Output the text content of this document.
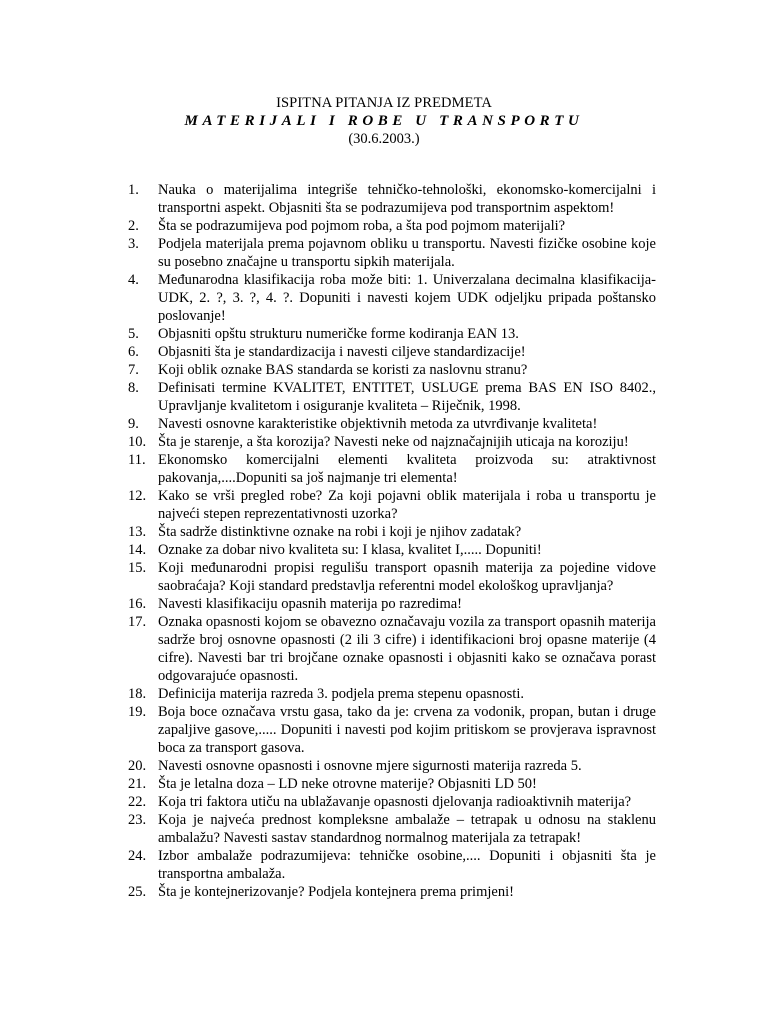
ISPITNA PITANJA IZ PREDMETA
MATERIJALI I ROBE U TRANSPORTU
(30.6.2003.)
1.	Nauka o materijalima integriše tehničko-tehnološki, ekonomsko-komercijalni i transportni aspekt. Objasniti šta se podrazumijeva pod transportnim aspektom!
2.	Šta se podrazumijeva pod pojmom roba, a šta pod pojmom materijali?
3.	Podjela materijala prema pojavnom obliku u transportu. Navesti fizičke osobine koje su posebno značajne u transportu sipkih materijala.
4.	Međunarodna klasifikacija roba može biti: 1. Univerzalana decimalna klasifikacija-UDK, 2. ?, 3. ?, 4. ?. Dopuniti i navesti kojem UDK odjeljku pripada poštansko poslovanje!
5.	Objasniti opštu strukturu numeričke forme kodiranja EAN 13.
6.	Objasniti šta je standardizacija i navesti ciljeve standardizacije!
7.	Koji oblik oznake BAS standarda se koristi za naslovnu stranu?
8.	Definisati termine KVALITET, ENTITET, USLUGE prema BAS EN ISO 8402., Upravljanje kvalitetom i osiguranje kvaliteta – Riječnik, 1998.
9.	Navesti osnovne karakteristike objektivnih metoda za utvrđivanje kvaliteta!
10. Šta je starenje, a šta korozija? Navesti neke od najznačajnijih uticaja na koroziju!
11. Ekonomsko komercijalni elementi kvaliteta proizvoda su: atraktivnost pakovanja,....Dopuniti sa još najmanje tri elementa!
12. Kako se vrši pregled robe? Za koji pojavni oblik materijala i roba u transportu je najveći stepen reprezentativnosti uzorka?
13. Šta sadrže distinktivne oznake na robi i koji je njihov zadatak?
14. Oznake za dobar nivo kvaliteta su: I klasa, kvalitet I,..... Dopuniti!
15. Koji međunarodni propisi regulišu transport opasnih materija za pojedine vidove saobraćaja? Koji standard predstavlja referentni model ekološkog upravljanja?
16. Navesti klasifikaciju opasnih materija po razredima!
17. Oznaka opasnosti kojom se obavezno označavaju vozila za transport opasnih materija sadrže broj osnovne opasnosti (2 ili 3 cifre) i identifikacioni broj opasne materije (4 cifre). Navesti bar tri brojčane oznake opasnosti i objasniti kako se označava porast odgovarajuće opasnosti.
18. Definicija materija razreda 3. podjela prema stepenu opasnosti.
19. Boja boce označava vrstu gasa, tako da je: crvena za vodonik, propan, butan i druge zapaljive gasove,..... Dopuniti i navesti pod kojim pritiskom se provjerava ispravnost boca za transport gasova.
20. Navesti osnovne opasnosti i osnovne mjere sigurnosti materija razreda 5.
21. Šta je letalna doza – LD neke otrovne materije? Objasniti LD 50!
22. Koja tri faktora utiču na ublažavanje opasnosti djelovanja radioaktivnih materija?
23. Koja je najveća prednost kompleksne ambalaže – tetrapak u odnosu na staklenu ambalažu? Navesti sastav standardnog normalnog materijala za tetrapak!
24. Izbor ambalaže podrazumijeva: tehničke osobine,.... Dopuniti i objasniti šta je transportna ambalaža.
25. Šta je kontejnerizovanje? Podjela kontejnera prema primjeni!
